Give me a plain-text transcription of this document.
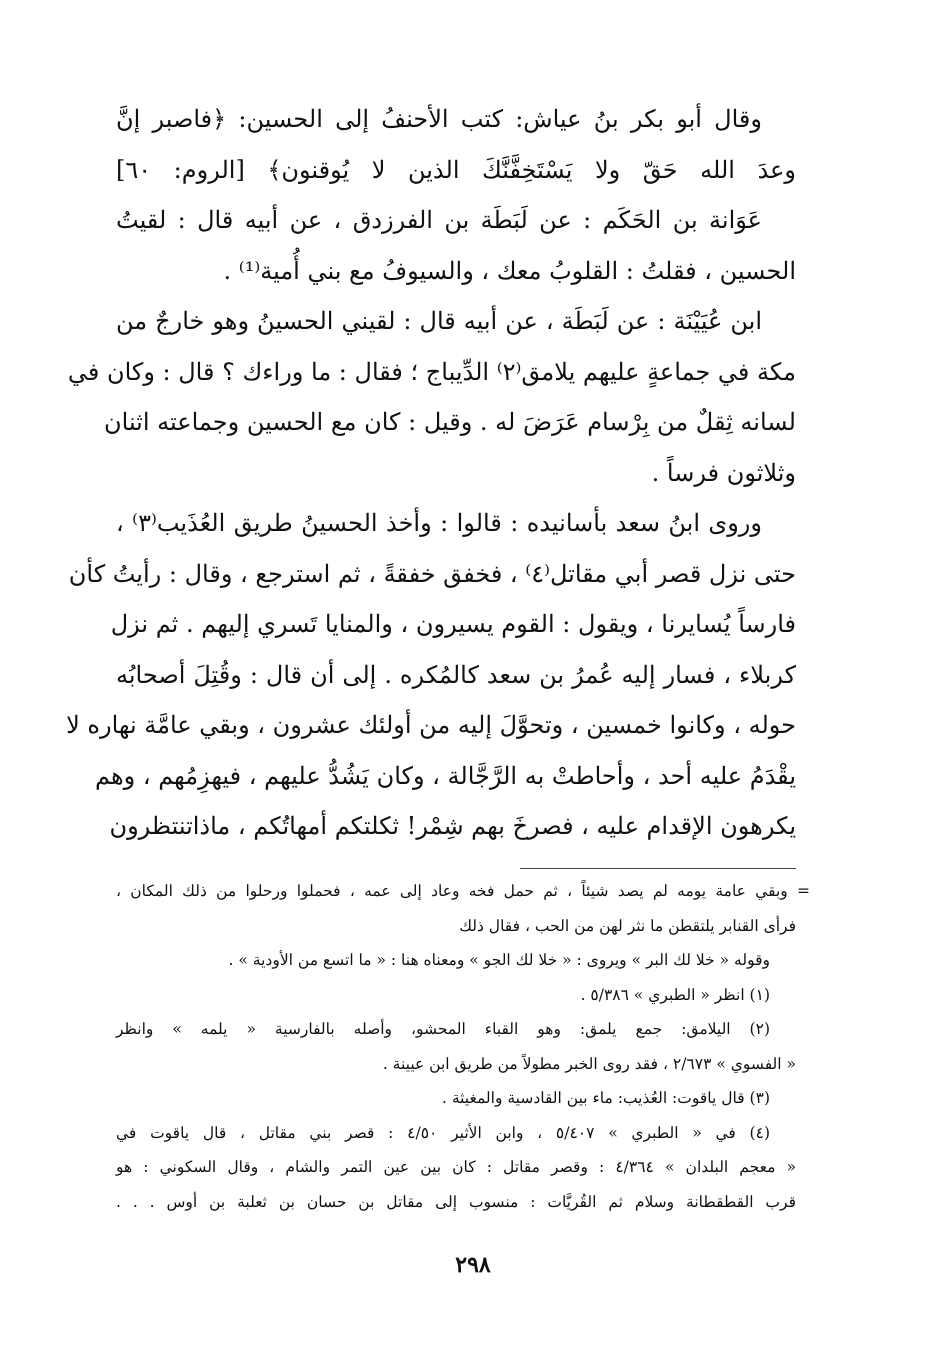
وقال أبو بكر بنُ عياش: كتب الأحنفُ إلى الحسين: ﴿فاصبر إنَّ
وعدَ الله حَقّ ولا يَسْتَخِفَّنَّكَ الذين لا يُوقنون﴾ [الروم: ٦٠]
عَوَانة بن الحَكَم : عن لَبَطَة بن الفرزدق ، عن أبيه قال : لقيتُ
الحسين ، فقلتُ : القلوبُ معك ، والسيوفُ مع بني أُمية⁽¹⁾ .
ابن عُيَيْنَة : عن لَبَطَة ، عن أبيه قال : لقيني الحسينُ وهو خارجٌ من
مكة في جماعةٍ عليهم يلامق⁽٢⁾ الدِّيباج ؛ فقال : ما وراءك ؟ قال : وكان في
لسانه ثِقلٌ من بِرْسام عَرَضَ له . وقيل : كان مع الحسين وجماعته اثنان
وثلاثون فرساً .
وروى ابنُ سعد بأسانيده : قالوا : وأخذ الحسينُ طريق العُذَيب⁽٣⁾ ،
حتى نزل قصر أبي مقاتل⁽٤⁾ ، فخفق خفقةً ، ثم استرجع ، وقال : رأيتُ كأن
فارساً يُسايرنا ، ويقول : القوم يسيرون ، والمنايا تَسري إليهم . ثم نزل
كربلاء ، فسار إليه عُمرُ بن سعد كالمُكره . إلى أن قال : وقُتِلَ أصحابُه
حوله ، وكانوا خمسين ، وتحوَّلَ إليه من أولئك عشرون ، وبقي عامَّة نهاره لا
يقْدَمُ عليه أحد ، وأحاطتْ به الرَّجَّالة ، وكان يَشُدُّ عليهم ، فيهزِمُهم ، وهم
يكرهون الإقدام عليه ، فصرخَ بهم شِمْر! ثكلتكم أمهاتُكم ، ماذاتنتظرون
= وبقي عامة يومه لم يصد شيئاً ، ثم حمل فخه وعاد إلى عمه ، فحملوا ورحلوا من ذلك المكان ،
فرأى القنابر يلتقطن ما نثر لهن من الحب ، فقال ذلك
وقوله « خلا لك البر » ويروى : « خلا لك الجو » ومعناه هنا : « ما اتسع من الأودية » .
(١) انظر « الطبري » ٥/٣٨٦ .
(٢) اليلامق: جمع يلمق: وهو القباء المحشو، وأصله بالفارسية « يلمه » وانظر
« الفسوي » ٢/٦٧٣ ، فقد روى الخبر مطولاً من طريق ابن عيينة .
(٣) قال ياقوت: العُذيب: ماء بين القادسية والمغيثة .
(٤) في « الطبري » ٥/٤٠٧ ، وابن الأثير ٤/٥٠ : قصر بني مقاتل ، قال ياقوت في
« معجم البلدان » ٤/٣٦٤ : وقصر مقاتل : كان بين عين التمر والشام ، وقال السكوني : هو
قرب القطقطانة وسلام ثم القُريَّات : منسوب إلى مقاتل بن حسان بن ثعلبة بن أوس . . .
٢٩٨
